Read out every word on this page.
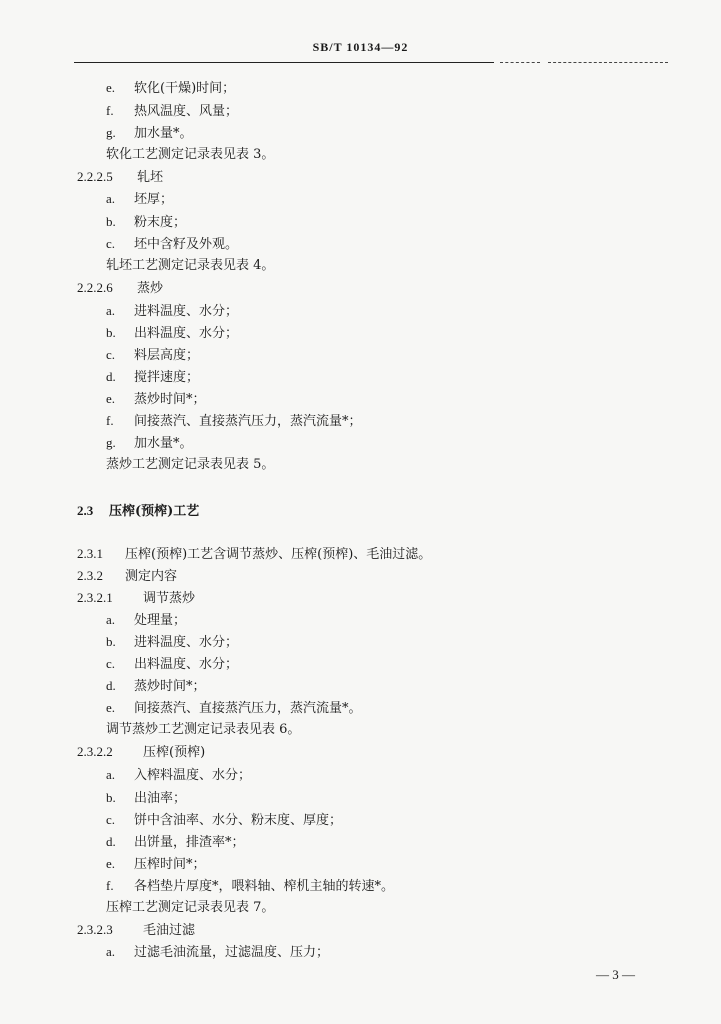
SB/T 10134—92
e. 软化(干燥)时间；
f. 热风温度、风量；
g. 加水量*。
软化工艺测定记录表见表 3。
2.2.2.5 轧坯
a. 坯厚；
b. 粉末度；
c. 坯中含籽及外观。
轧坯工艺测定记录表见表 4。
2.2.2.6 蒸炒
a. 进料温度、水分；
b. 出料温度、水分；
c. 料层高度；
d. 搅拌速度；
e. 蒸炒时间*；
f. 间接蒸汽、直接蒸汽压力，蒸汽流量*；
g. 加水量*。
蒸炒工艺测定记录表见表 5。
2.3 压榨(预榨)工艺
2.3.1 压榨(预榨)工艺含调节蒸炒、压榨(预榨)、毛油过滤。
2.3.2 测定内容
2.3.2.1 调节蒸炒
a. 处理量；
b. 进料温度、水分；
c. 出料温度、水分；
d. 蒸炒时间*；
e. 间接蒸汽、直接蒸汽压力，蒸汽流量*。
调节蒸炒工艺测定记录表见表 6。
2.3.2.2 压榨(预榨)
a. 入榨料温度、水分；
b. 出油率；
c. 饼中含油率、水分、粉末度、厚度；
d. 出饼量，排渣率*；
e. 压榨时间*；
f. 各档垫片厚度*，喂料轴、榨机主轴的转速*。
压榨工艺测定记录表见表 7。
2.3.2.3 毛油过滤
a. 过滤毛油流量，过滤温度、压力；
— 3 —
